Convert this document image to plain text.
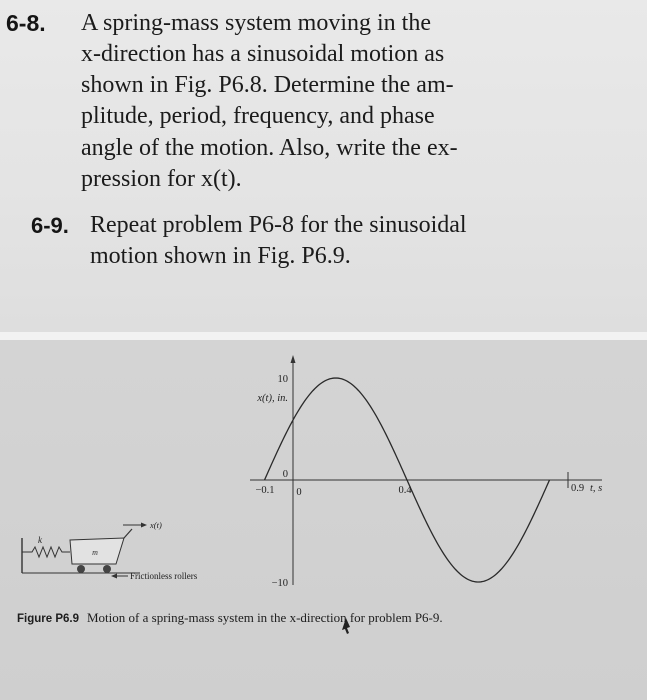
6-8. A spring-mass system moving in the
x-direction has a sinusoidal motion as
shown in Fig. P6.8. Determine the am-
plitude, period, frequency, and phase
angle of the motion. Also, write the ex-
pression for x(t).
6-9. Repeat problem P6-8 for the sinusoidal
motion shown in Fig. P6.9.
10
x(t), in.
0
−10
−0.1 0	0.4	0.9 t, s
k
m
x(t)
Frictionless rollers
Figure P6.9 Motion of a spring-mass system in the x-direction for problem P6-9.
